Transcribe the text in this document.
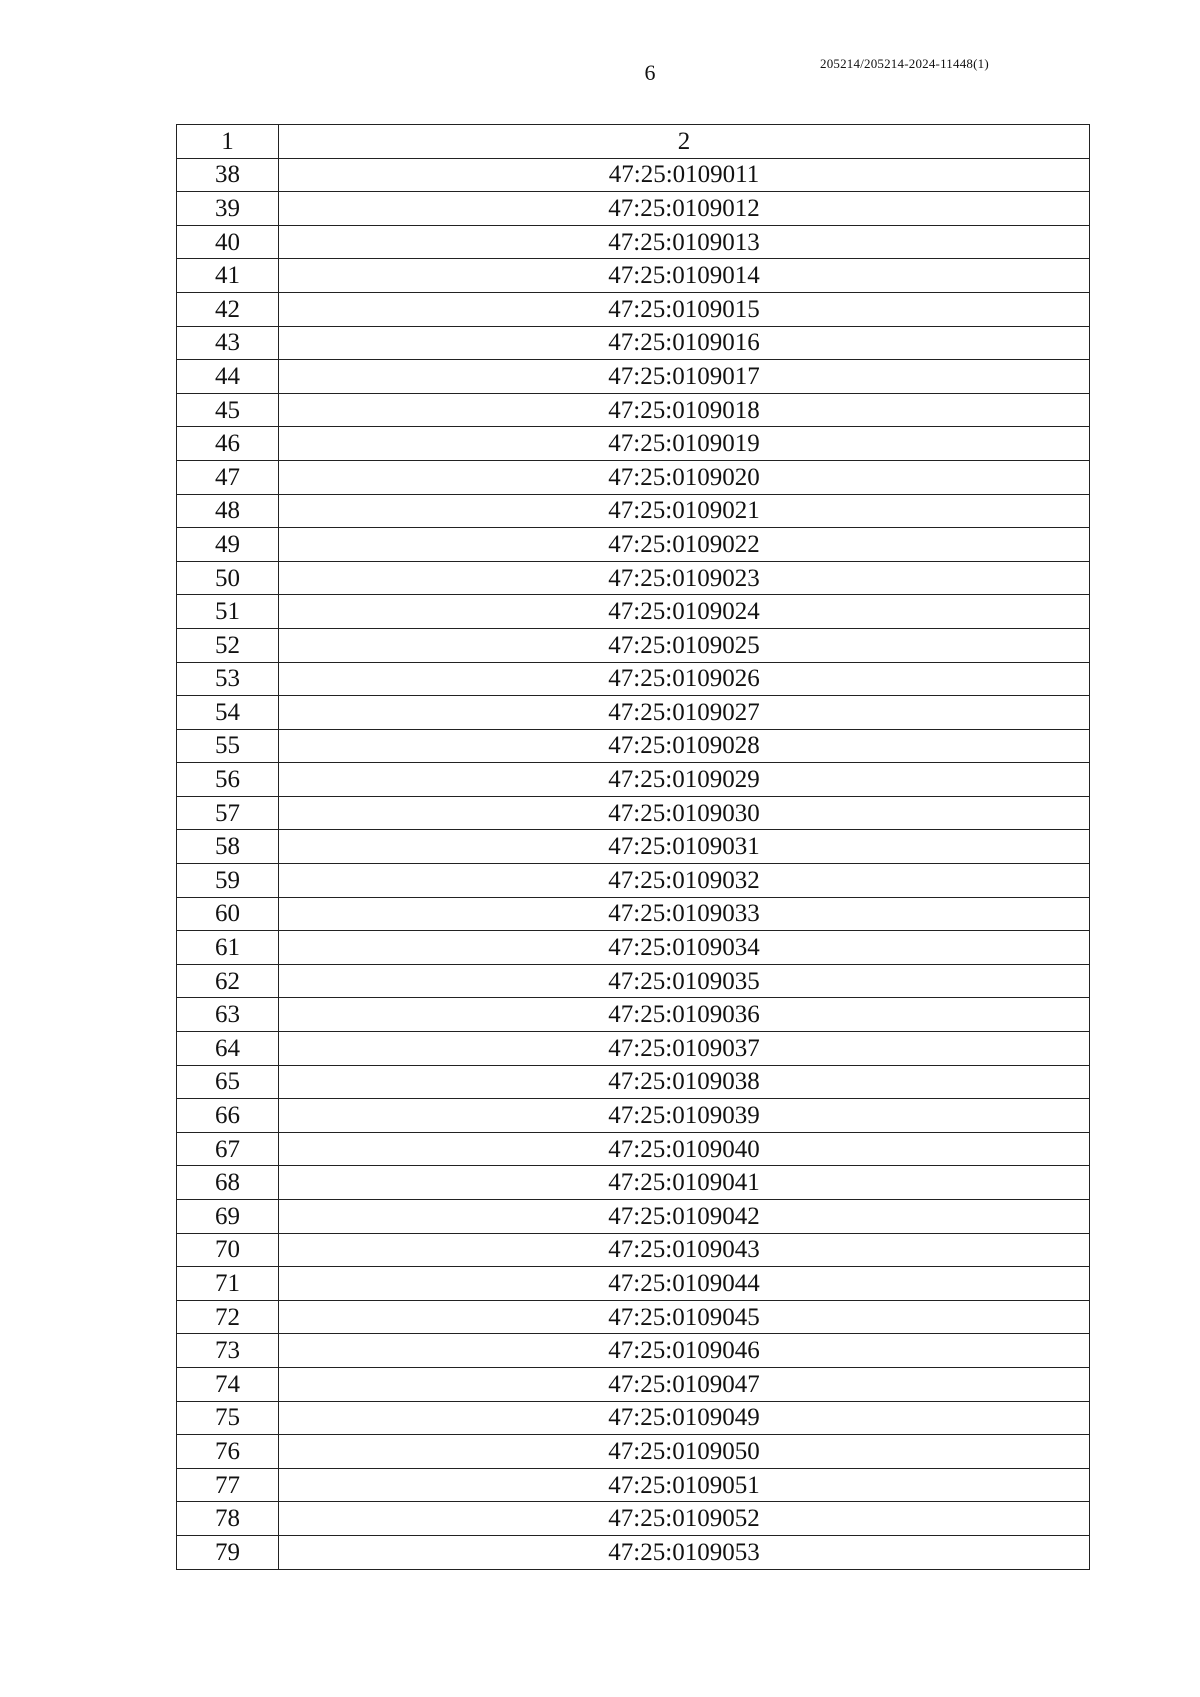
6	205214/205214-2024-11448(1)
1	2
38	47:25:0109011
39	47:25:0109012
40	47:25:0109013
41	47:25:0109014
42	47:25:0109015
43	47:25:0109016
44	47:25:0109017
45	47:25:0109018
46	47:25:0109019
47	47:25:0109020
48	47:25:0109021
49	47:25:0109022
50	47:25:0109023
51	47:25:0109024
52	47:25:0109025
53	47:25:0109026
54	47:25:0109027
55	47:25:0109028
56	47:25:0109029
57	47:25:0109030
58	47:25:0109031
59	47:25:0109032
60	47:25:0109033
61	47:25:0109034
62	47:25:0109035
63	47:25:0109036
64	47:25:0109037
65	47:25:0109038
66	47:25:0109039
67	47:25:0109040
68	47:25:0109041
69	47:25:0109042
70	47:25:0109043
71	47:25:0109044
72	47:25:0109045
73	47:25:0109046
74	47:25:0109047
75	47:25:0109049
76	47:25:0109050
77	47:25:0109051
78	47:25:0109052
79	47:25:0109053
